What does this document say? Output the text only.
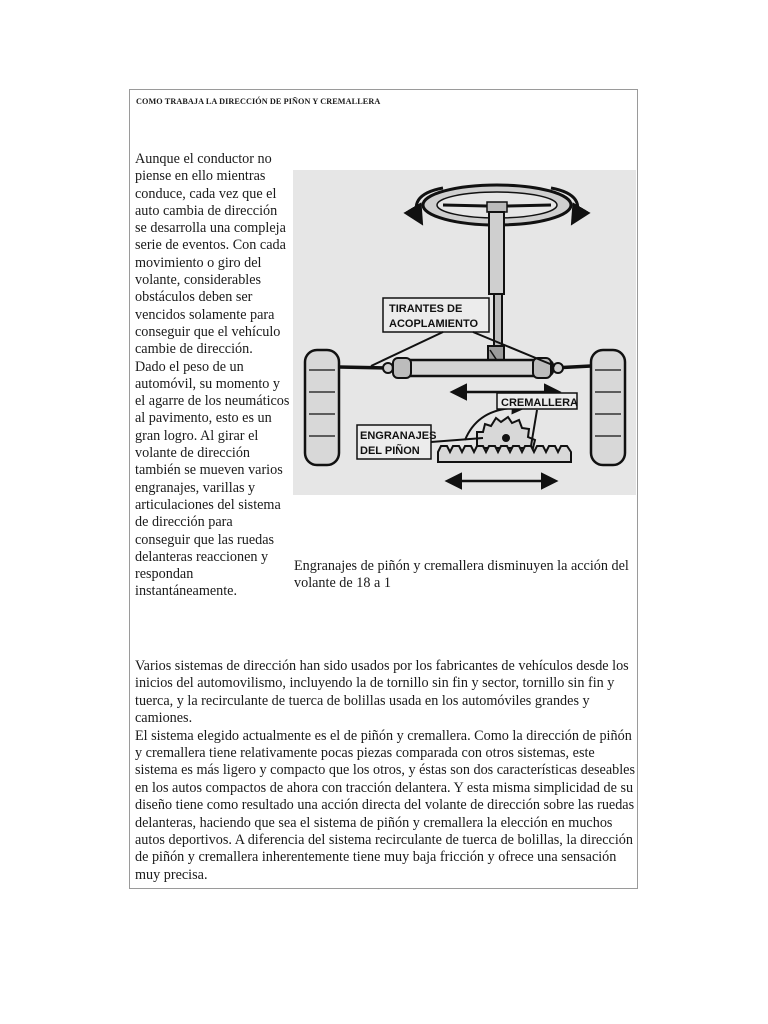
COMO TRABAJA LA DIRECCIÓN DE PIÑON Y CREMALLERA

Aunque el conductor no piense en ello mientras conduce, cada vez que el auto cambia de dirección se desarrolla una compleja serie de eventos. Con cada movimiento o giro del volante, considerables obstáculos deben ser vencidos solamente para conseguir que el vehículo cambie de dirección.

Dado el peso de un automóvil, su momento y el agarre de los neumáticos al pavimento, esto es un gran logro. Al girar el volante de dirección también se mueven varios engranajes, varillas y articulaciones del sistema de dirección para conseguir que las ruedas delanteras reaccionen y respondan instantáneamente.

TIRANTES DE
ACOPLAMIENTO
CREMALLERA
ENGRANAJES
DEL PIÑON

Engranajes de piñón y cremallera disminuyen la acción del volante de 18 a 1

Varios sistemas de dirección han sido usados por los fabricantes de vehículos desde los inicios del automovilismo, incluyendo la de tornillo sin fin y sector, tornillo sin fin y tuerca, y la recirculante de tuerca de bolillas usada en los automóviles grandes y camiones.

El sistema elegido actualmente es el de piñón y cremallera. Como la dirección de piñón y cremallera tiene relativamente pocas piezas comparada con otros sistemas, este sistema es más ligero y compacto que los otros, y éstas son dos características deseables en los autos compactos de ahora con tracción delantera. Y esta misma simplicidad de su diseño tiene como resultado una acción directa del volante de dirección sobre las ruedas delanteras, haciendo que sea el sistema de piñón y cremallera la elección en muchos autos deportivos. A diferencia del sistema recirculante de tuerca de bolillas, la dirección de piñón y cremallera inherentemente tiene muy baja fricción y ofrece una sensación muy precisa.
